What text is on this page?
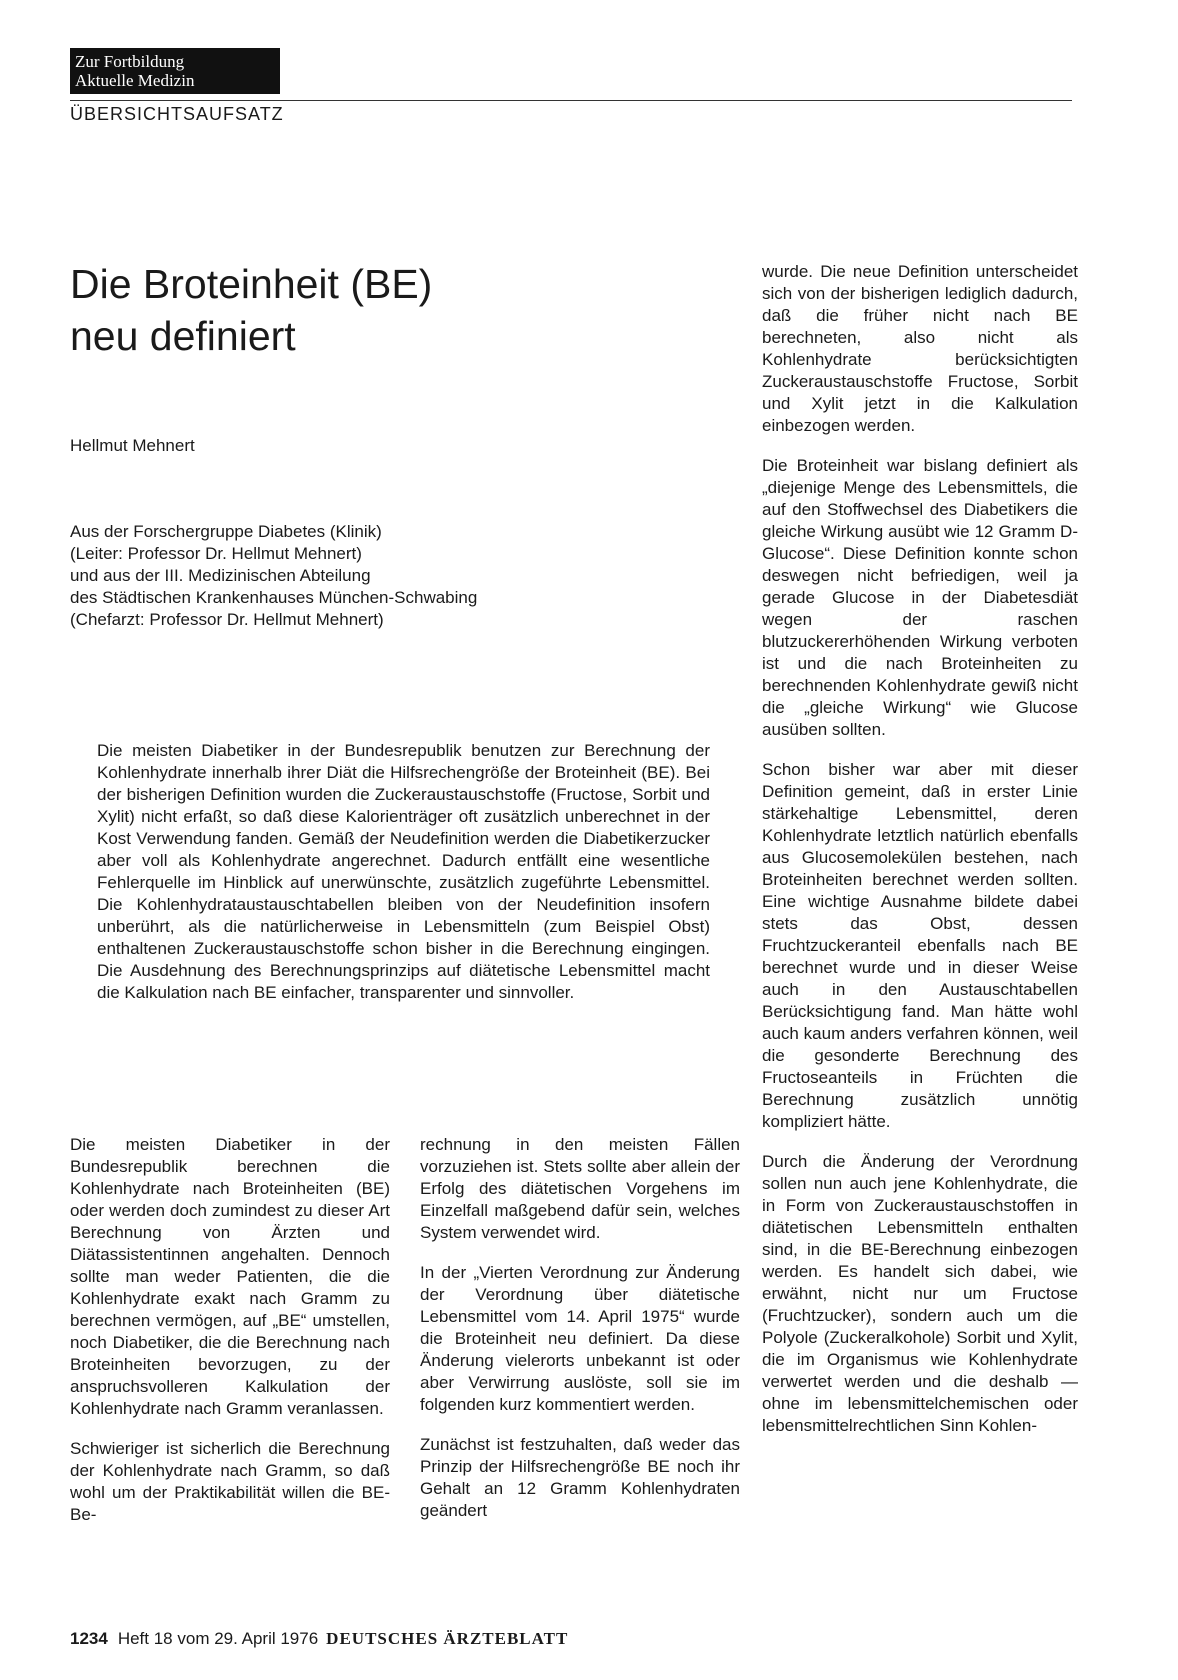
Zur Fortbildung
Aktuelle Medizin
ÜBERSICHTSAUFSATZ
Die Broteinheit (BE)
neu definiert
Hellmut Mehnert
Aus der Forschergruppe Diabetes (Klinik)
(Leiter: Professor Dr. Hellmut Mehnert)
und aus der III. Medizinischen Abteilung
des Städtischen Krankenhauses München-Schwabing
(Chefarzt: Professor Dr. Hellmut Mehnert)
Die meisten Diabetiker in der Bundesrepublik benutzen zur Berechnung der Kohlenhydrate innerhalb ihrer Diät die Hilfsrechengröße der Broteinheit (BE). Bei der bisherigen Definition wurden die Zuckeraustauschstoffe (Fructose, Sorbit und Xylit) nicht erfaßt, so daß diese Kalorienträger oft zusätzlich unberechnet in der Kost Verwendung fanden. Gemäß der Neudefinition werden die Diabetikerzucker aber voll als Kohlenhydrate angerechnet. Dadurch entfällt eine wesentliche Fehlerquelle im Hinblick auf unerwünschte, zusätzlich zugeführte Lebensmittel. Die Kohlenhydrataustauschtabellen bleiben von der Neudefinition insofern unberührt, als die natürlicherweise in Lebensmitteln (zum Beispiel Obst) enthaltenen Zuckeraustauschstoffe schon bisher in die Berechnung eingingen. Die Ausdehnung des Berechnungsprinzips auf diätetische Lebensmittel macht die Kalkulation nach BE einfacher, transparenter und sinnvoller.

Die meisten Diabetiker in der Bundesrepublik berechnen die Kohlenhydrate nach Broteinheiten (BE) oder werden doch zumindest zu dieser Art Berechnung von Ärzten und Diätassistentinnen angehalten. Dennoch sollte man weder Patienten, die die Kohlenhydrate exakt nach Gramm zu berechnen vermögen, auf „BE“ umstellen, noch Diabetiker, die die Berechnung nach Broteinheiten bevorzugen, zu der anspruchsvolleren Kalkulation der Kohlenhydrate nach Gramm veranlassen.

Schwieriger ist sicherlich die Berechnung der Kohlenhydrate nach Gramm, so daß wohl um der Praktikabilität willen die BE-Be-

rechnung in den meisten Fällen vorzuziehen ist. Stets sollte aber allein der Erfolg des diätetischen Vorgehens im Einzelfall maßgebend dafür sein, welches System verwendet wird.

In der „Vierten Verordnung zur Änderung der Verordnung über diätetische Lebensmittel vom 14. April 1975“ wurde die Broteinheit neu definiert. Da diese Änderung vielerorts unbekannt ist oder aber Verwirrung auslöste, soll sie im folgenden kurz kommentiert werden.

Zunächst ist festzuhalten, daß weder das Prinzip der Hilfsrechengröße BE noch ihr Gehalt an 12 Gramm Kohlenhydraten geändert

wurde. Die neue Definition unterscheidet sich von der bisherigen lediglich dadurch, daß die früher nicht nach BE berechneten, also nicht als Kohlenhydrate berücksichtigten Zuckeraustauschstoffe Fructose, Sorbit und Xylit jetzt in die Kalkulation einbezogen werden.

Die Broteinheit war bislang definiert als „diejenige Menge des Lebensmittels, die auf den Stoffwechsel des Diabetikers die gleiche Wirkung ausübt wie 12 Gramm D-Glucose“. Diese Definition konnte schon deswegen nicht befriedigen, weil ja gerade Glucose in der Diabetesdiät wegen der raschen blutzuckererhöhenden Wirkung verboten ist und die nach Broteinheiten zu berechnenden Kohlenhydrate gewiß nicht die „gleiche Wirkung“ wie Glucose ausüben sollten.

Schon bisher war aber mit dieser Definition gemeint, daß in erster Linie stärkehaltige Lebensmittel, deren Kohlenhydrate letztlich natürlich ebenfalls aus Glucosemolekülen bestehen, nach Broteinheiten berechnet werden sollten. Eine wichtige Ausnahme bildete dabei stets das Obst, dessen Fruchtzuckeranteil ebenfalls nach BE berechnet wurde und in dieser Weise auch in den Austauschtabellen Berücksichtigung fand. Man hätte wohl auch kaum anders verfahren können, weil die gesonderte Berechnung des Fructoseanteils in Früchten die Berechnung zusätzlich unnötig kompliziert hätte.

Durch die Änderung der Verordnung sollen nun auch jene Kohlenhydrate, die in Form von Zuckeraustauschstoffen in diätetischen Lebensmitteln enthalten sind, in die BE-Berechnung einbezogen werden. Es handelt sich dabei, wie erwähnt, nicht nur um Fructose (Fruchtzucker), sondern auch um die Polyole (Zuckeralkohole) Sorbit und Xylit, die im Organismus wie Kohlenhydrate verwertet werden und die deshalb — ohne im lebensmittelchemischen oder lebensmittelrechtlichen Sinn Kohlen-

1234 Heft 18 vom 29. April 1976 DEUTSCHES ÄRZTEBLATT
